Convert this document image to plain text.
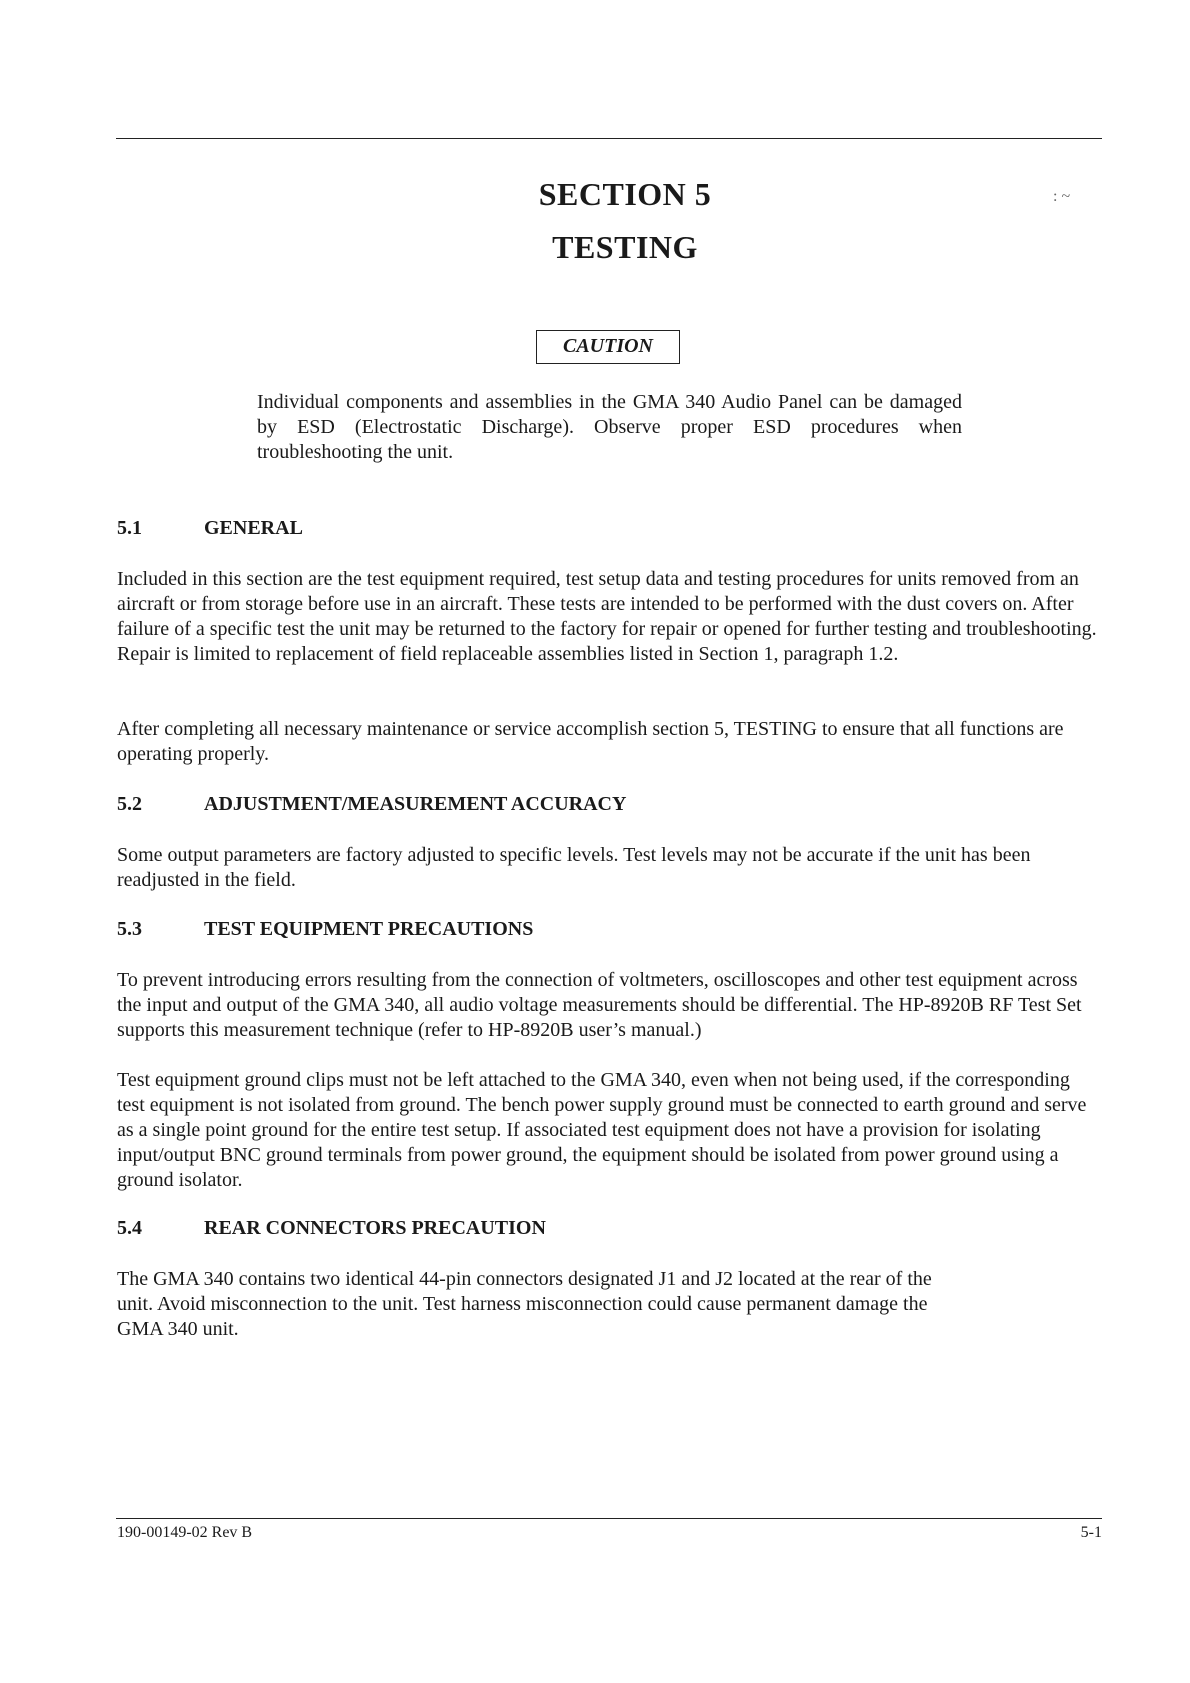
SECTION 5
TESTING
: ~
CAUTION

Individual components and assemblies in the GMA 340 Audio Panel can be damaged by ESD (Electrostatic Discharge). Observe proper ESD procedures when troubleshooting the unit.

5.1	GENERAL

Included in this section are the test equipment required, test setup data and testing procedures for units removed from an aircraft or from storage before use in an aircraft. These tests are intended to be performed with the dust covers on. After failure of a specific test the unit may be returned to the factory for repair or opened for further testing and troubleshooting. Repair is limited to replacement of field replaceable assemblies listed in Section 1, paragraph 1.2.

After completing all necessary maintenance or service accomplish section 5, TESTING to ensure that all functions are operating properly.

5.2	ADJUSTMENT/MEASUREMENT ACCURACY

Some output parameters are factory adjusted to specific levels. Test levels may not be accurate if the unit has been readjusted in the field.

5.3	TEST EQUIPMENT PRECAUTIONS

To prevent introducing errors resulting from the connection of voltmeters, oscilloscopes and other test equipment across the input and output of the GMA 340, all audio voltage measurements should be differential. The HP-8920B RF Test Set supports this measurement technique (refer to HP-8920B user’s manual.)

Test equipment ground clips must not be left attached to the GMA 340, even when not being used, if the corresponding test equipment is not isolated from ground. The bench power supply ground must be connected to earth ground and serve as a single point ground for the entire test setup. If associated test equipment does not have a provision for isolating input/output BNC ground terminals from power ground, the equipment should be isolated from power ground using a ground isolator.

5.4	REAR CONNECTORS PRECAUTION

The GMA 340 contains two identical 44-pin connectors designated J1 and J2 located at the rear of the unit. Avoid misconnection to the unit. Test harness misconnection could cause permanent damage the GMA 340 unit.

190-00149-02 Rev B	5-1
